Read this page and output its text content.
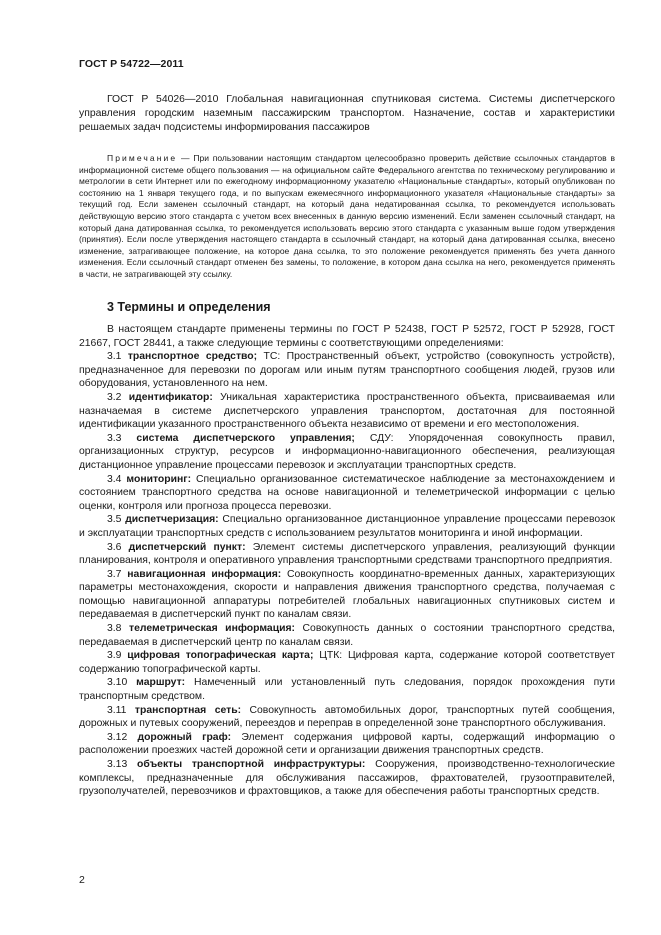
ГОСТ Р 54722—2011
ГОСТ Р 54026—2010 Глобальная навигационная спутниковая система. Системы диспетчерского управления городским наземным пассажирским транспортом. Назначение, состав и характеристики решаемых задач подсистемы информирования пассажиров
Примечание — При пользовании настоящим стандартом целесообразно проверить действие ссылочных стандартов в информационной системе общего пользования — на официальном сайте Федерального агентства по техническому регулированию и метрологии в сети Интернет или по ежегодному информационному указателю «Национальные стандарты», который опубликован по состоянию на 1 января текущего года, и по выпускам ежемесячного информационного указателя «Национальные стандарты» за текущий год. Если заменен ссылочный стандарт, на который дана недатированная ссылка, то рекомендуется использовать действующую версию этого стандарта с учетом всех внесенных в данную версию изменений. Если заменен ссылочный стандарт, на который дана датированная ссылка, то рекомендуется использовать версию этого стандарта с указанным выше годом утверждения (принятия). Если после утверждения настоящего стандарта в ссылочный стандарт, на который дана датированная ссылка, внесено изменение, затрагивающее положение, на которое дана ссылка, то это положение рекомендуется применять без учета данного изменения. Если ссылочный стандарт отменен без замены, то положение, в котором дана ссылка на него, рекомендуется применять в части, не затрагивающей эту ссылку.
3 Термины и определения

В настоящем стандарте применены термины по ГОСТ Р 52438, ГОСТ Р 52572, ГОСТ Р 52928, ГОСТ 21667, ГОСТ 28441, а также следующие термины с соответствующими определениями:

3.1 транспортное средство; ТС: Пространственный объект, устройство (совокупность устройств), предназначенное для перевозки по дорогам или иным путям транспортного сообщения людей, грузов или оборудования, установленного на нем.

3.2 идентификатор: Уникальная характеристика пространственного объекта, присваиваемая или назначаемая в системе диспетчерского управления транспортом, достаточная для постоянной идентификации указанного пространственного объекта независимо от времени и его местоположения.

3.3 система диспетчерского управления; СДУ: Упорядоченная совокупность правил, организационных структур, ресурсов и информационно-навигационного обеспечения, реализующая дистанционное управление процессами перевозок и эксплуатации транспортных средств.

3.4 мониторинг: Специально организованное систематическое наблюдение за местонахождением и состоянием транспортного средства на основе навигационной и телеметрической информации с целью оценки, контроля или прогноза процесса перевозки.

3.5 диспетчеризация: Специально организованное дистанционное управление процессами перевозок и эксплуатации транспортных средств с использованием результатов мониторинга и иной информации.

3.6 диспетчерский пункт: Элемент системы диспетчерского управления, реализующий функции планирования, контроля и оперативного управления транспортными средствами транспортного предприятия.

3.7 навигационная информация: Совокупность координатно-временных данных, характеризующих параметры местонахождения, скорости и направления движения транспортного средства, получаемая с помощью навигационной аппаратуры потребителей глобальных навигационных спутниковых систем и передаваемая в диспетчерский пункт по каналам связи.

3.8 телеметрическая информация: Совокупность данных о состоянии транспортного средства, передаваемая в диспетчерский центр по каналам связи.

3.9 цифровая топографическая карта; ЦТК: Цифровая карта, содержание которой соответствует содержанию топографической карты.

3.10 маршрут: Намеченный или установленный путь следования, порядок прохождения пути транспортным средством.

3.11 транспортная сеть: Совокупность автомобильных дорог, транспортных путей сообщения, дорожных и путевых сооружений, переездов и переправ в определенной зоне транспортного обслуживания.

3.12 дорожный граф: Элемент содержания цифровой карты, содержащий информацию о расположении проезжих частей дорожной сети и организации движения транспортных средств.

3.13 объекты транспортной инфраструктуры: Сооружения, производственно-технологические комплексы, предназначенные для обслуживания пассажиров, фрахтователей, грузоотправителей, грузополучателей, перевозчиков и фрахтовщиков, а также для обеспечения работы транспортных средств.

2
